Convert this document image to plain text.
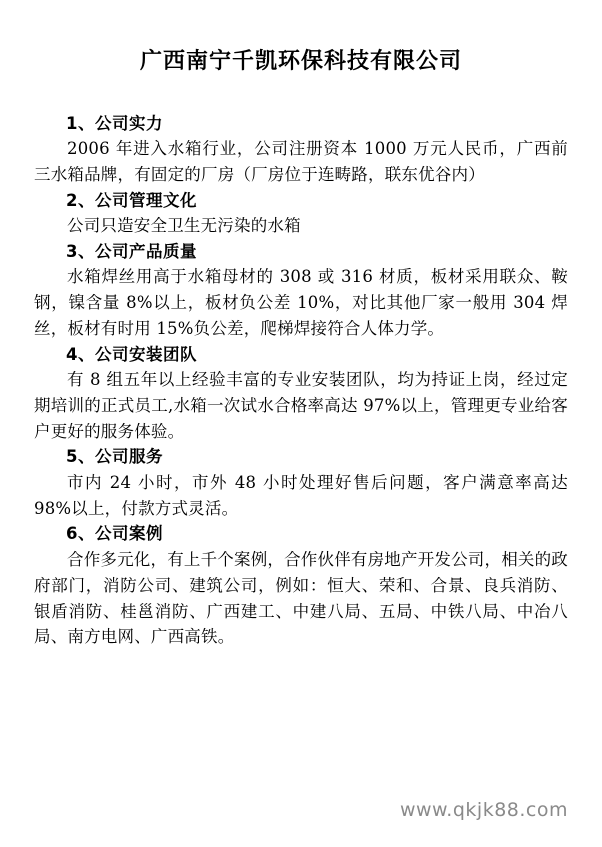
广西南宁千凯环保科技有限公司

1、公司实力

2006 年进入水箱行业，公司注册资本 1000 万元人民币，广西前三水箱品牌，有固定的厂房（厂房位于连畴路，联东优谷内）

2、公司管理文化

公司只造安全卫生无污染的水箱

3、公司产品质量

水箱焊丝用高于水箱母材的 308 或 316 材质，板材采用联众、鞍钢，镍含量 8%以上，板材负公差 10%，对比其他厂家一般用 304 焊丝，板材有时用 15%负公差，爬梯焊接符合人体力学。

4、公司安装团队

有 8 组五年以上经验丰富的专业安装团队，均为持证上岗，经过定期培训的正式员工,水箱一次试水合格率高达 97%以上，管理更专业给客户更好的服务体验。

5、公司服务

市内 24 小时，市外 48 小时处理好售后问题，客户满意率高达 98%以上，付款方式灵活。

6、公司案例

合作多元化，有上千个案例，合作伙伴有房地产开发公司，相关的政府部门，消防公司、建筑公司，例如：恒大、荣和、合景、良兵消防、银盾消防、桂邕消防、广西建工、中建八局、五局、中铁八局、中冶八局、南方电网、广西高铁。

www.qkjk88.com
